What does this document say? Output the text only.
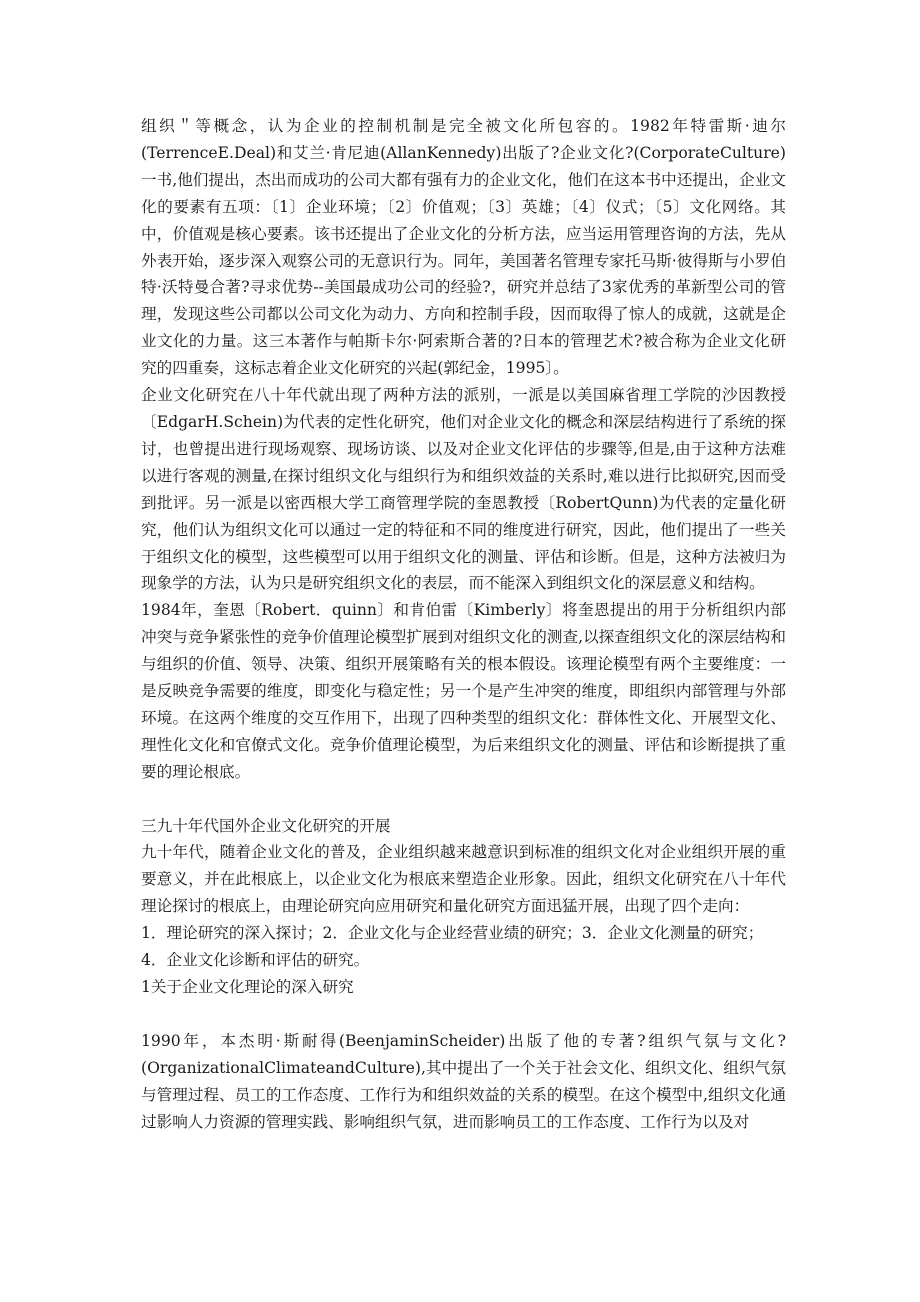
组织＂等概念，认为企业的控制机制是完全被文化所包容的。1982年特雷斯·迪尔(TerrenceE.Deal)和艾兰·肯尼迪(AllanKennedy)出版了?企业文化?(CorporateCulture)一书,他们提出，杰出而成功的公司大都有强有力的企业文化，他们在这本书中还提出，企业文化的要素有五项：〔1〕企业环境；〔2〕价值观；〔3〕英雄；〔4〕仪式；〔5〕文化网络。其中，价值观是核心要素。该书还提出了企业文化的分析方法，应当运用管理咨询的方法，先从外表开始，逐步深入观察公司的无意识行为。同年，美国著名管理专家托马斯·彼得斯与小罗伯特·沃特曼合著?寻求优势--美国最成功公司的经验?，研究并总结了3家优秀的革新型公司的管理，发现这些公司都以公司文化为动力、方向和控制手段，因而取得了惊人的成就，这就是企业文化的力量。这三本著作与帕斯卡尔·阿索斯合著的?日本的管理艺术?被合称为企业文化研究的四重奏，这标志着企业文化研究的兴起(郭纪金，1995〕。

企业文化研究在八十年代就出现了两种方法的派别，一派是以美国麻省理工学院的沙因教授〔EdgarH.Schein)为代表的定性化研究，他们对企业文化的概念和深层结构进行了系统的探讨，也曾提出进行现场观察、现场访谈、以及对企业文化评估的步骤等,但是,由于这种方法难以进行客观的测量,在探讨组织文化与组织行为和组织效益的关系时,难以进行比拟研究,因而受到批评。另一派是以密西根大学工商管理学院的奎恩教授〔RobertQunn)为代表的定量化研究，他们认为组织文化可以通过一定的特征和不同的维度进行研究，因此，他们提出了一些关于组织文化的模型，这些模型可以用于组织文化的测量、评估和诊断。但是，这种方法被归为现象学的方法，认为只是研究组织文化的表层，而不能深入到组织文化的深层意义和结构。

1984年，奎恩〔Robert．quinn〕和肯伯雷〔Kimberly〕将奎恩提出的用于分析组织内部冲突与竞争紧张性的竞争价值理论模型扩展到对组织文化的测查,以探查组织文化的深层结构和与组织的价值、领导、决策、组织开展策略有关的根本假设。该理论模型有两个主要维度：一是反映竞争需要的维度，即变化与稳定性；另一个是产生冲突的维度，即组织内部管理与外部环境。在这两个维度的交互作用下，出现了四种类型的组织文化：群体性文化、开展型文化、理性化文化和官僚式文化。竞争价值理论模型，为后来组织文化的测量、评估和诊断提拱了重要的理论根底。

三九十年代国外企业文化研究的开展

九十年代，随着企业文化的普及，企业组织越来越意识到标准的组织文化对企业组织开展的重要意义，并在此根底上，以企业文化为根底来塑造企业形象。因此，组织文化研究在八十年代理论探讨的根底上，由理论研究向应用研究和量化研究方面迅猛开展，出现了四个走向：

1．理论研究的深入探讨；2．企业文化与企业经营业绩的研究；3．企业文化测量的研究；

4．企业文化诊断和评估的研究。

1关于企业文化理论的深入研究

1990年，本杰明·斯耐得(BeenjaminScheider)出版了他的专著?组织气氛与文化?(OrganizationalClimateandCulture),其中提出了一个关于社会文化、组织文化、组织气氛与管理过程、员工的工作态度、工作行为和组织效益的关系的模型。在这个模型中,组织文化通过影响人力资源的管理实践、影响组织气氛，进而影响员工的工作态度、工作行为以及对
